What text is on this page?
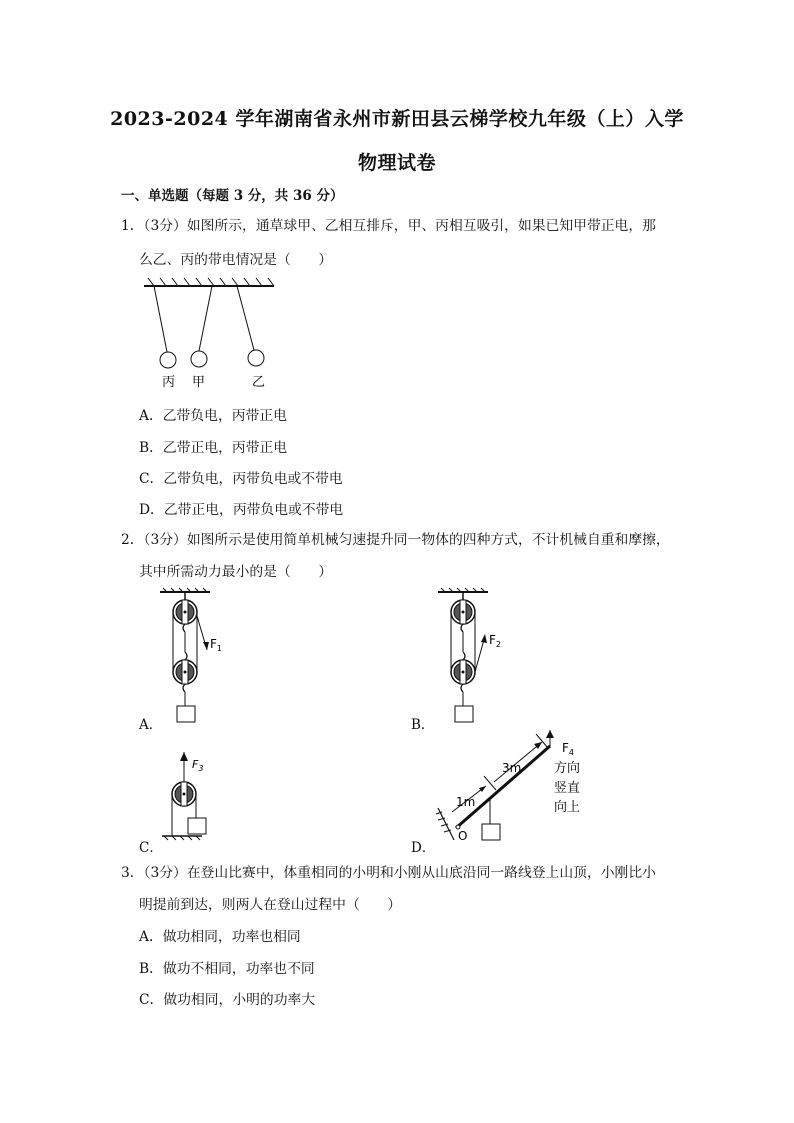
2023-2024 学年湖南省永州市新田县云梯学校九年级（上）入学
物理试卷
一、单选题（每题 3 分，共 36 分）
1．（3分）如图所示，通草球甲、乙相互排斥，甲、丙相互吸引，如果已知甲带正电，那
么乙、丙的带电情况是（　　）
丙 甲	乙
A．乙带负电，丙带正电
B．乙带正电，丙带正电
C．乙带负电，丙带负电或不带电
D．乙带正电，丙带负电或不带电
2．（3分）如图所示是使用简单机械匀速提升同一物体的四种方式，不计机械自重和摩擦，
其中所需动力最小的是（　　）
$F_1$
A．
$F_2$
B．
$F_3$
C．
O
1m
3m
$F_4$
方向
竖直
向上
D．
3．（3分）在登山比赛中，体重相同的小明和小刚从山底沿同一路线登上山顶，小刚比小
明提前到达，则两人在登山过程中（　　）
A．做功相同，功率也相同
B．做功不相同，功率也不同
C．做功相同，小明的功率大
